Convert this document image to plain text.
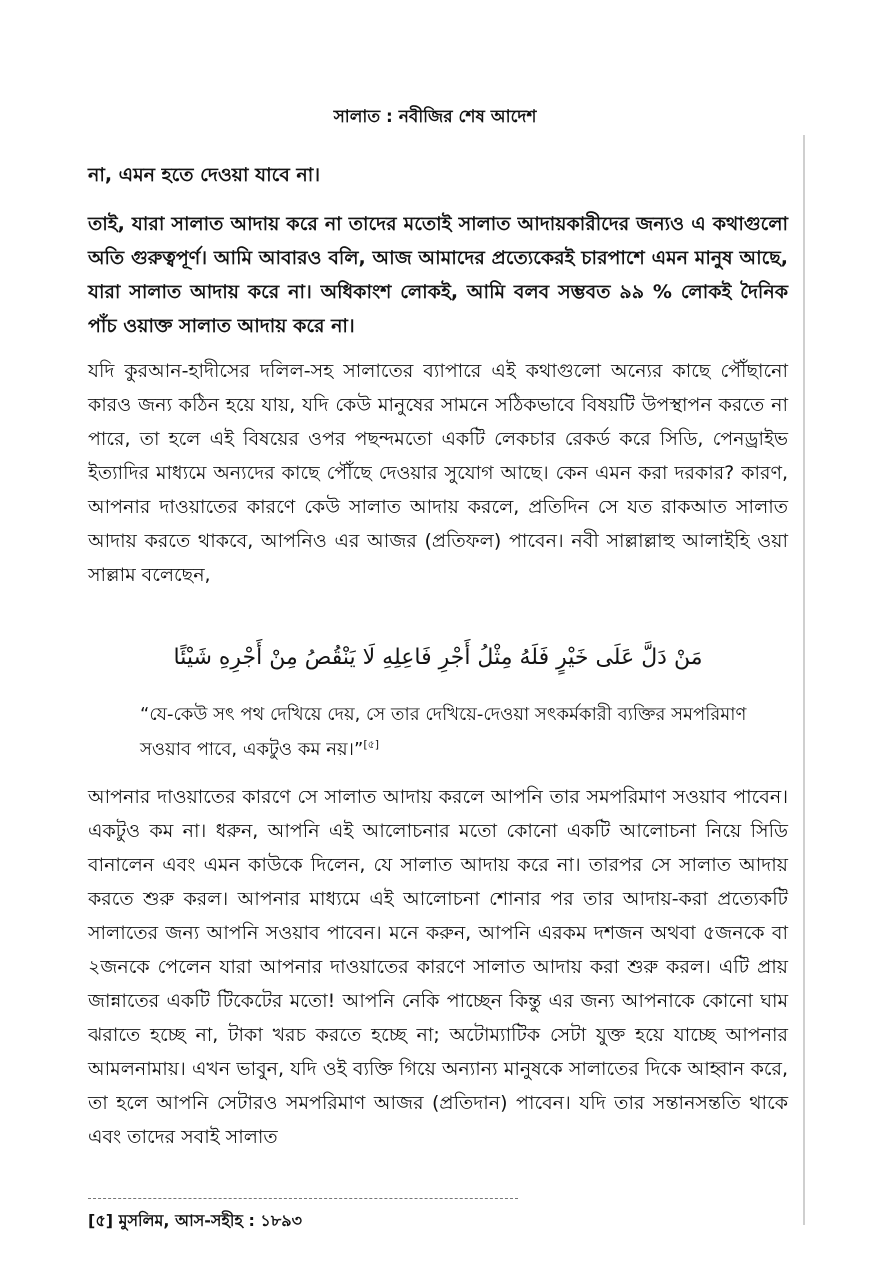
সালাত : নবীজির শেষ আদেশ

না, এমন হতে দেওয়া যাবে না।

তাই, যারা সালাত আদায় করে না তাদের মতোই সালাত আদায়কারীদের জন্যও এ কথাগুলো অতি গুরুত্বপূর্ণ। আমি আবারও বলি, আজ আমাদের প্রত্যেকেরই চারপাশে এমন মানুষ আছে, যারা সালাত আদায় করে না। অধিকাংশ লোকই, আমি বলব সম্ভবত ৯৯ % লোকই দৈনিক পাঁচ ওয়াক্ত সালাত আদায় করে না।

যদি কুরআন-হাদীসের দলিল-সহ সালাতের ব্যাপারে এই কথাগুলো অন্যের কাছে পৌঁছানো কারও জন্য কঠিন হয়ে যায়, যদি কেউ মানুষের সামনে সঠিকভাবে বিষয়টি উপস্থাপন করতে না পারে, তা হলে এই বিষয়ের ওপর পছন্দমতো একটি লেকচার রেকর্ড করে সিডি, পেনড্রাইভ ইত্যাদির মাধ্যমে অন্যদের কাছে পৌঁছে দেওয়ার সুযোগ আছে। কেন এমন করা দরকার? কারণ, আপনার দাওয়াতের কারণে কেউ সালাত আদায় করলে, প্রতিদিন সে যত রাকআত সালাত আদায় করতে থাকবে, আপনিও এর আজর (প্রতিফল) পাবেন। নবী সাল্লাল্লাহু আলাইহি ওয়া সাল্লাম বলেছেন,

مَنْ دَلَّ عَلَى خَيْرٍ فَلَهُ مِثْلُ أَجْرِ فَاعِلِهِ لَا يَنْقُصُ مِنْ أَجْرِهِ شَيْئًا

“যে-কেউ সৎ পথ দেখিয়ে দেয়, সে তার দেখিয়ে-দেওয়া সৎকর্মকারী ব্যক্তির সমপরিমাণ সওয়াব পাবে, একটুও কম নয়।”[৫]

আপনার দাওয়াতের কারণে সে সালাত আদায় করলে আপনি তার সমপরিমাণ সওয়াব পাবেন। একটুও কম না। ধরুন, আপনি এই আলোচনার মতো কোনো একটি আলোচনা নিয়ে সিডি বানালেন এবং এমন কাউকে দিলেন, যে সালাত আদায় করে না। তারপর সে সালাত আদায় করতে শুরু করল। আপনার মাধ্যমে এই আলোচনা শোনার পর তার আদায়-করা প্রত্যেকটি সালাতের জন্য আপনি সওয়াব পাবেন। মনে করুন, আপনি এরকম দশজন অথবা ৫জনকে বা ২জনকে পেলেন যারা আপনার দাওয়াতের কারণে সালাত আদায় করা শুরু করল। এটি প্রায় জান্নাতের একটি টিকেটের মতো! আপনি নেকি পাচ্ছেন কিন্তু এর জন্য আপনাকে কোনো ঘাম ঝরাতে হচ্ছে না, টাকা খরচ করতে হচ্ছে না; অটোম্যাটিক সেটা যুক্ত হয়ে যাচ্ছে আপনার আমলনামায়। এখন ভাবুন, যদি ওই ব্যক্তি গিয়ে অন্যান্য মানুষকে সালাতের দিকে আহ্বান করে, তা হলে আপনি সেটারও সমপরিমাণ আজর (প্রতিদান) পাবেন। যদি তার সন্তানসন্ততি থাকে এবং তাদের সবাই সালাত

[৫] মুসলিম, আস-সহীহ : ১৮৯৩
